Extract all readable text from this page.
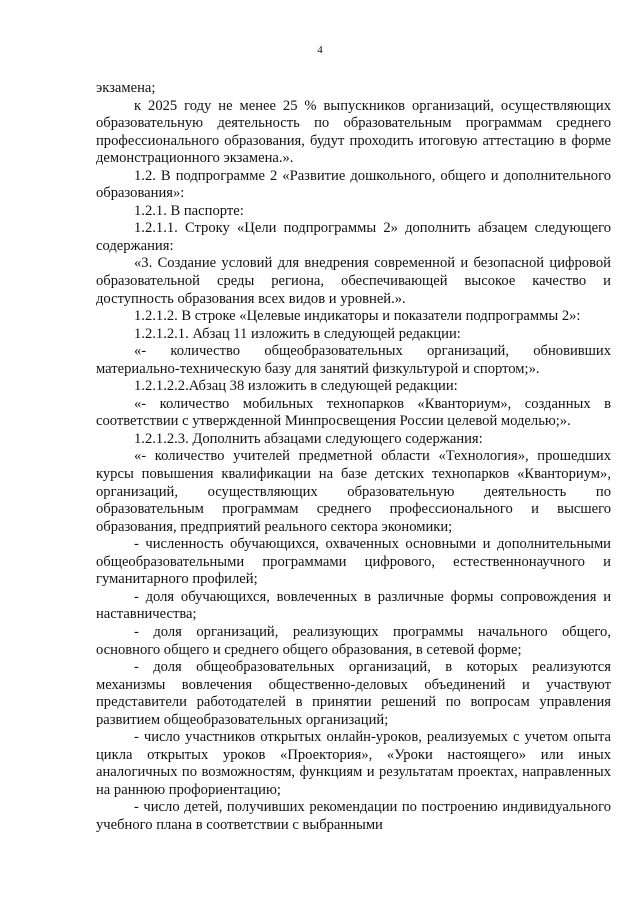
4

экзамена;

к 2025 году не менее 25 % выпускников организаций, осуществляющих образовательную деятельность по образовательным программам среднего профессионального образования, будут проходить итоговую аттестацию в форме демонстрационного экзамена.».

1.2. В подпрограмме 2 «Развитие дошкольного, общего и дополнительного образования»:

1.2.1. В паспорте:

1.2.1.1. Строку «Цели подпрограммы 2» дополнить абзацем следующего содержания:

«3. Создание условий для внедрения современной и безопасной цифровой образовательной среды региона, обеспечивающей высокое качество и доступность образования всех видов и уровней.».

1.2.1.2. В строке «Целевые индикаторы и показатели подпрограммы 2»:

1.2.1.2.1. Абзац 11 изложить в следующей редакции:

«- количество общеобразовательных организаций, обновивших материально-техническую базу для занятий физкультурой и спортом;».

1.2.1.2.2.Абзац 38 изложить в следующей редакции:

«- количество мобильных технопарков «Кванториум», созданных в соответствии с утвержденной Минпросвещения России целевой моделью;».

1.2.1.2.3. Дополнить абзацами следующего содержания:

«- количество учителей предметной области «Технология», прошедших курсы повышения квалификации на базе детских технопарков «Кванториум», организаций, осуществляющих образовательную деятельность по образовательным программам среднего профессионального и высшего образования, предприятий реального сектора экономики;

- численность обучающихся, охваченных основными и дополнительными общеобразовательными программами цифрового, естественнонаучного и гуманитарного профилей;

- доля обучающихся, вовлеченных в различные формы сопровождения и наставничества;

- доля организаций, реализующих программы начального общего, основного общего и среднего общего образования, в сетевой форме;

- доля общеобразовательных организаций, в которых реализуются механизмы вовлечения общественно-деловых объединений и участвуют представители работодателей в принятии решений по вопросам управления развитием общеобразовательных организаций;

- число участников открытых онлайн-уроков, реализуемых с учетом опыта цикла открытых уроков «Проектория», «Уроки настоящего» или иных аналогичных по возможностям, функциям и результатам проектах, направленных на раннюю профориентацию;

- число детей, получивших рекомендации по построению индивидуального учебного плана в соответствии с выбранными
